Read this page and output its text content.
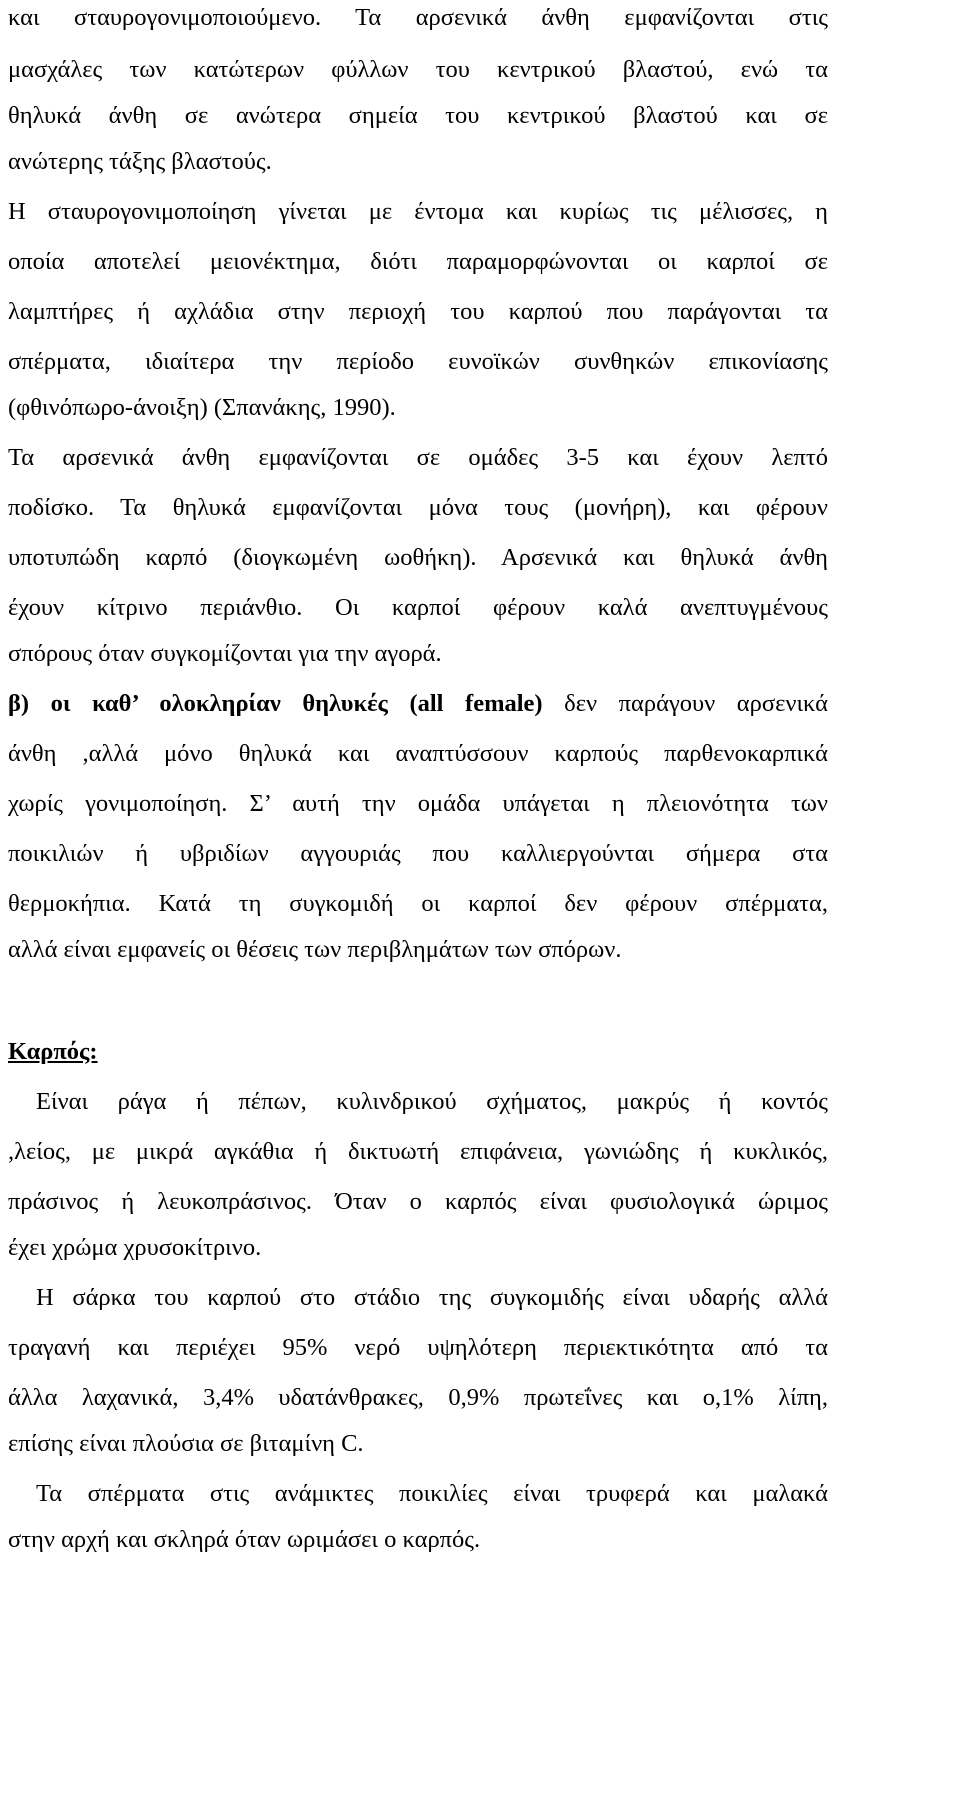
και σταυρογονιμοποιούμενο. Τα αρσενικά άνθη εμφανίζονται στις
μασχάλες των κατώτερων φύλλων του κεντρικού βλαστού, ενώ τα
θηλυκά άνθη σε ανώτερα σημεία του κεντρικού βλαστού και σε
ανώτερης τάξης βλαστούς.
Η σταυρογονιμοποίηση γίνεται με έντομα και κυρίως τις μέλισσες, η
οποία αποτελεί μειονέκτημα, διότι παραμορφώνονται οι καρποί σε
λαμπτήρες ή αχλάδια στην περιοχή του καρπού που παράγονται τα
σπέρματα, ιδιαίτερα την περίοδο ευνοϊκών συνθηκών επικονίασης
(φθινόπωρο-άνοιξη) (Σπανάκης, 1990).
Τα αρσενικά άνθη εμφανίζονται σε ομάδες 3-5 και έχουν λεπτό
ποδίσκο. Τα θηλυκά εμφανίζονται μόνα τους (μονήρη), και φέρουν
υποτυπώδη καρπό (διογκωμένη ωοθήκη). Αρσενικά και θηλυκά άνθη
έχουν κίτρινο περιάνθιο. Οι καρποί φέρουν καλά ανεπτυγμένους
σπόρους όταν συγκομίζονται για την αγορά.
β) οι καθ’ ολοκληρίαν θηλυκές (all female) δεν παράγουν αρσενικά
άνθη ,αλλά μόνο θηλυκά και αναπτύσσουν καρπούς παρθενοκαρπικά
χωρίς γονιμοποίηση. Σ’ αυτή την ομάδα υπάγεται η πλειονότητα των
ποικιλιών ή υβριδίων αγγουριάς που καλλιεργούνται σήμερα στα
θερμοκήπια. Κατά τη συγκομιδή οι καρποί δεν φέρουν σπέρματα,
αλλά είναι εμφανείς οι θέσεις των περιβλημάτων των σπόρων.
Καρπός:
Είναι ράγα ή πέπων, κυλινδρικού σχήματος, μακρύς ή κοντός
,λείος, με μικρά αγκάθια ή δικτυωτή επιφάνεια, γωνιώδης ή κυκλικός,
πράσινος ή λευκοπράσινος. Όταν ο καρπός είναι φυσιολογικά ώριμος
έχει χρώμα χρυσοκίτρινο.
Η σάρκα του καρπού στο στάδιο της συγκομιδής είναι υδαρής αλλά
τραγανή και περιέχει 95% νερό υψηλότερη περιεκτικότητα από τα
άλλα λαχανικά, 3,4% υδατάνθρακες, 0,9% πρωτεΐνες και ο,1% λίπη,
επίσης είναι πλούσια σε βιταμίνη C.
Τα σπέρματα στις ανάμικτες ποικιλίες είναι τρυφερά και μαλακά
στην αρχή και σκληρά όταν ωριμάσει ο καρπός.
